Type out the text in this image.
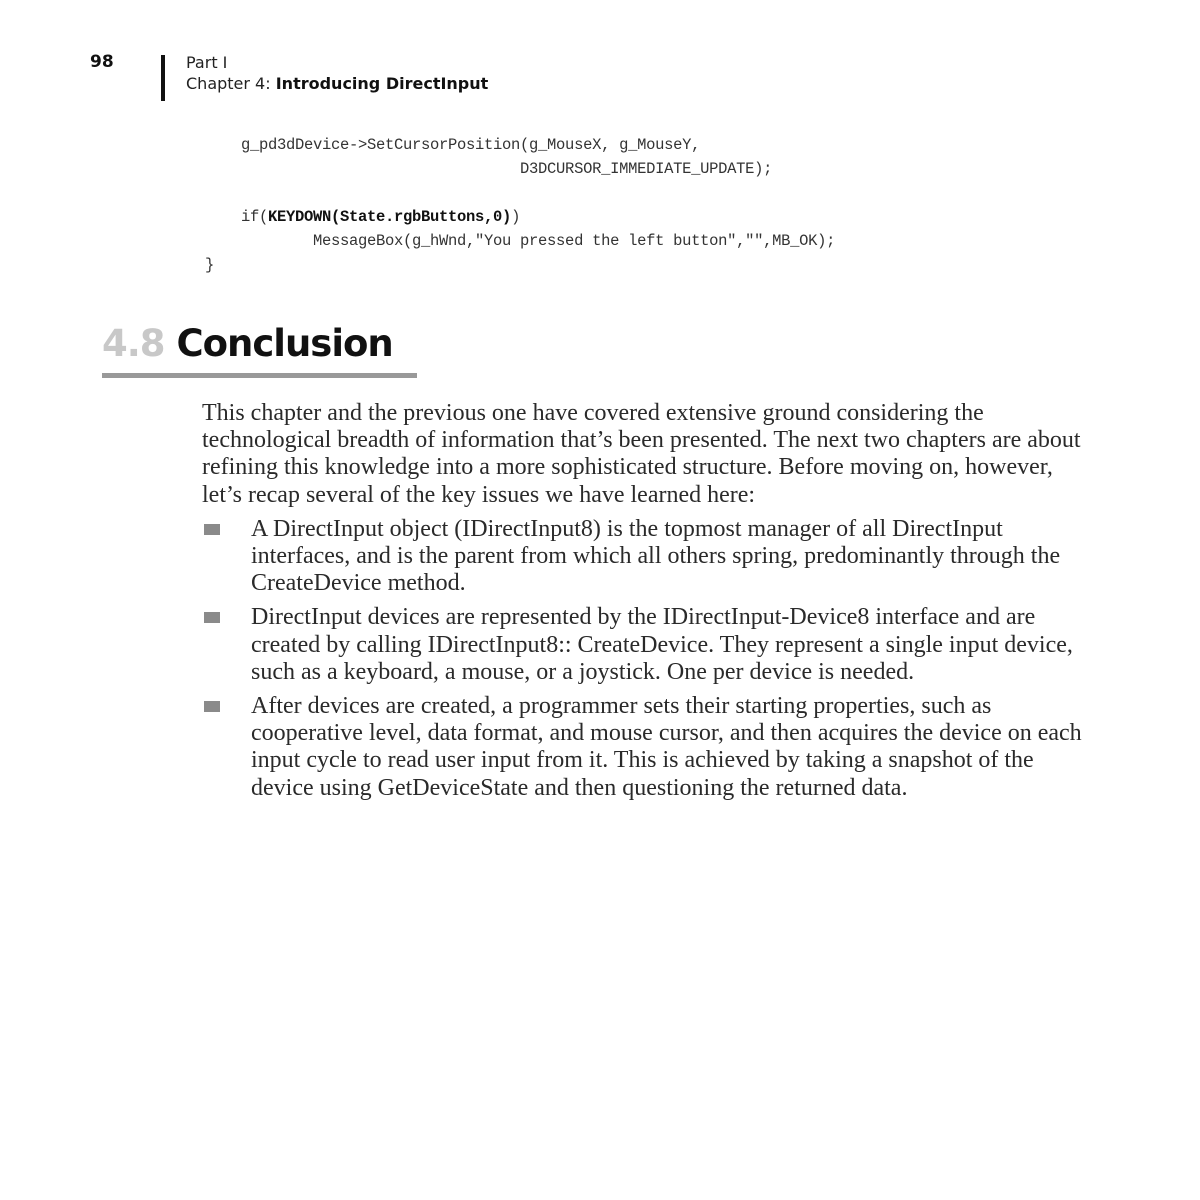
98	Part I
Chapter 4: Introducing DirectInput
g_pd3dDevice->SetCursorPosition(g_MouseX, g_MouseY,
D3DCURSOR_IMMEDIATE_UPDATE);
if(KEYDOWN(State.rgbButtons,0))
MessageBox(g_hWnd,"You pressed the left button","",MB_OK);
}
4.8 Conclusion

This chapter and the previous one have covered extensive ground considering the technological breadth of information that’s been presented. The next two chapters are about refining this knowledge into a more sophisticated structure. Before moving on, however, let’s recap several of the key issues we have learned here:

A DirectInput object (IDirectInput8) is the topmost manager of all DirectInput interfaces, and is the parent from which all others spring, predominantly through the CreateDevice method.
DirectInput devices are represented by the IDirectInput-Device8 interface and are created by calling IDirectInput8:: CreateDevice. They represent a single input device, such as a keyboard, a mouse, or a joystick. One per device is needed.
After devices are created, a programmer sets their starting properties, such as cooperative level, data format, and mouse cursor, and then acquires the device on each input cycle to read user input from it. This is achieved by taking a snapshot of the device using GetDeviceState and then questioning the returned data.
